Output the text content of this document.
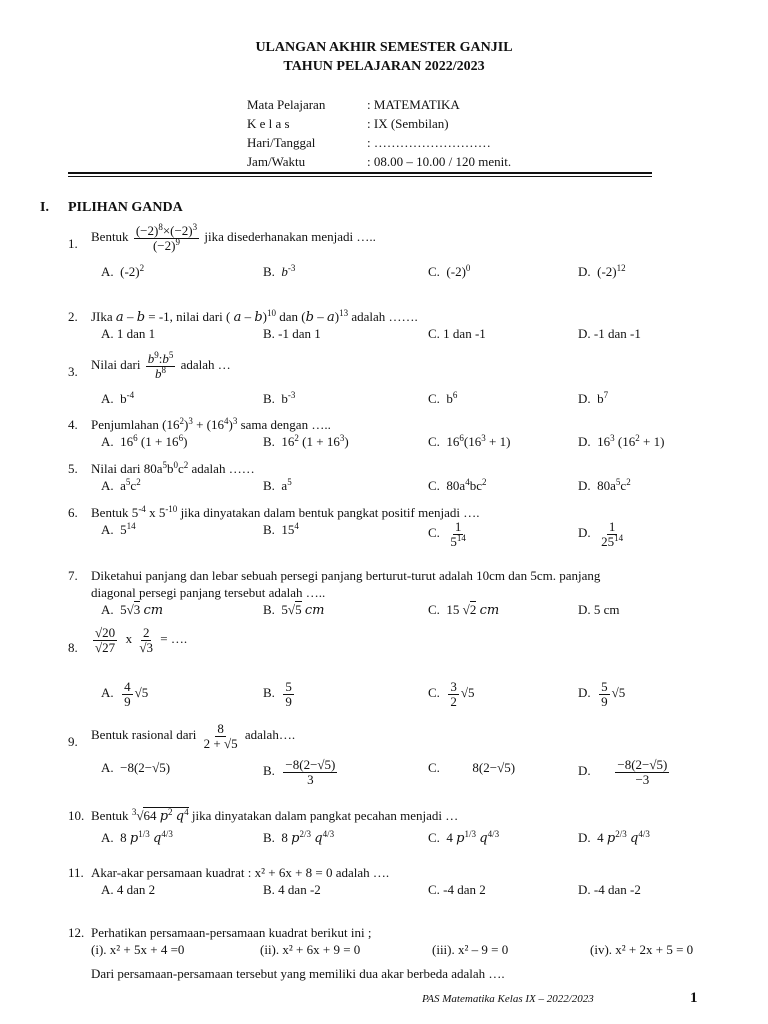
ULANGAN AKHIR SEMESTER GANJIL
TAHUN PELAJARAN 2022/2023
Mata Pelajaran	: MATEMATIKA
K e l a s	: IX (Sembilan)
Hari/Tanggal	: ………………………
Jam/Waktu	: 08.00 – 10.00 / 120 menit.
I. PILIHAN GANDA
1. Bentuk $\frac{(-2)^8\times(-2)^3}{(-2)^9}$ jika disederhanakan menjadi …..
A.  $(-2)^2$	B.  $b^{-3}$	C.  $(-2)^0$	D.  $(-2)^{12}$
2. JIka a – b = -1, nilai dari ( a – b)$^{10}$ dan (b – a)$^{13}$ adalah …….
A. 1 dan 1	B. -1 dan 1	C. 1 dan -1	D. -1 dan -1
3. Nilai dari $\frac{b^9:b^5}{b^8}$ adalah …
A.  $b^{-4}$	B.  $b^{-3}$	C.  $b^6$	D.  $b^7$
4. Penjumlahan $(16^2)^3 + (16^4)^3$ sama dengan …..
A.  $16^6$ $(1 + 16^6)$	B.  $16^2$ $(1 + 16^3)$	C.  $16^6(16^3 + 1)$	D.  $16^3$ $(16^2 + 1)$
5. Nilai dari $80a^5b^0c^2$ adalah ……
A.  $a^5c^2$	B.  $a^5$	C.  $80a^4bc^2$	D.  $80a^5c^2$
6. Bentuk $5^{-4}$ x $5^{-10}$ jika dinyatakan dalam bentuk pangkat positif menjadi ….
A.  $5^{14}$	B.  $15^4$	C. $\frac{1}{5^{14}}$	D. $\frac{1}{25^{14}}$
7. Diketahui panjang dan lebar sebuah persegi panjang berturut-turut adalah 10cm dan 5cm. panjang
diagonal persegi panjang tersebut adalah …..
A.  5√3 cm	B.  5√5 cm	C.  15 √2 cm	D. 5 cm
8. $\frac{√20}{√27}$ x $\frac{2}{√3}$ = ….
A. $\frac{4}{9} √5$	B. $\frac{5}{9}$	C. $\frac{3}{2} √5$	D. $\frac{5}{9} √5$
9. Bentuk rasional dari $\frac{8}{2 + √5}$ adalah….
A.  −8(2−√5)	B. $\frac{-8(2-√5)}{3}$	C.          8(2−√5)	D. $\frac{-8(2-√5)}{-3}$
10. Bentuk $^3$√64 $p^2$ $q^4$ jika dinyatakan dalam pangkat pecahan menjadi …
A.  8 $p^{1/3}$ $q^{4/3}$	B.  8 $p^{2/3}$ $q^{4/3}$	C.  4 $p^{1/3}$ $q^{4/3}$	D.  4 $p^{2/3}$ $q^{4/3}$
11. Akar-akar persamaan kuadrat : x² + 6x + 8 = 0 adalah ….
A. 4 dan 2	B. 4 dan -2	C. -4 dan 2	D. -4 dan -2
12. Perhatikan persamaan-persamaan kuadrat berikut ini ;
(i). x² + 5x + 4 =0	(ii). x² + 6x + 9 = 0	(iii). x² – 9 = 0	(iv). x² + 2x + 5 = 0
Dari persamaan-persamaan tersebut yang memiliki dua akar berbeda adalah ….
PAS Matematika Kelas IX – 2022/2023	1
